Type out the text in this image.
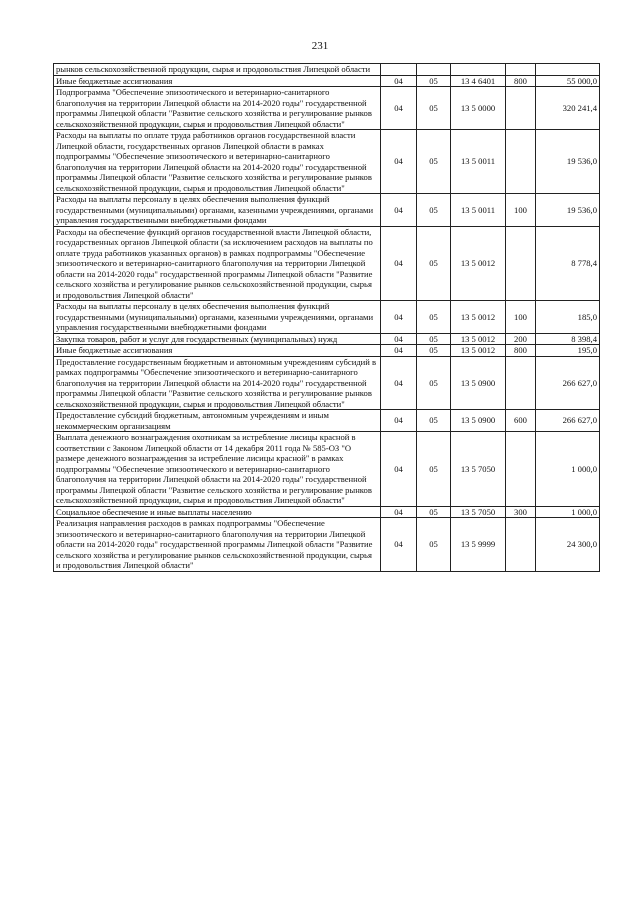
231
рынков сельскохозяйственной продукции, сырья и продовольствия Липецкой области					
Иные бюджетные ассигнования	04	05	13 4 6401	800	55 000,0
Подпрограмма "Обеспечение эпизоотического и ветеринарно-санитарного благополучия на территории Липецкой области на 2014-2020 годы" государственной программы Липецкой области "Развитие сельского хозяйства и регулирование рынков сельскохозяйственной продукции, сырья и продовольствия Липецкой области"	04	05	13 5 0000		320 241,4
Расходы на выплаты по оплате труда работников органов государственной власти Липецкой области, государственных органов Липецкой области в рамках подпрограммы "Обеспечение эпизоотического и ветеринарно-санитарного благополучия на территории Липецкой области на 2014-2020 годы" государственной программы Липецкой области "Развитие сельского хозяйства и регулирование рынков сельскохозяйственной продукции, сырья и продовольствия Липецкой области"	04	05	13 5 0011		19 536,0
Расходы на выплаты персоналу в целях обеспечения выполнения функций государственными (муниципальными) органами, казенными учреждениями, органами управления государственными внебюджетными фондами	04	05	13 5 0011	100	19 536,0
Расходы на обеспечение функций органов государственной власти Липецкой области, государственных органов Липецкой области (за исключением расходов на выплаты по оплате труда работников указанных органов) в рамках подпрограммы "Обеспечение эпизоотического и ветеринарно-санитарного благополучия на территории Липецкой области на 2014-2020 годы" государственной программы Липецкой области "Развитие сельского хозяйства и регулирование рынков сельскохозяйственной продукции, сырья и продовольствия Липецкой области"	04	05	13 5 0012		8 778,4
Расходы на выплаты персоналу в целях обеспечения выполнения функций государственными (муниципальными) органами, казенными учреждениями, органами управления государственными внебюджетными фондами	04	05	13 5 0012	100	185,0
Закупка товаров, работ и услуг для государственных (муниципальных) нужд	04	05	13 5 0012	200	8 398,4
Иные бюджетные ассигнования	04	05	13 5 0012	800	195,0
Предоставление государственным бюджетным и автономным учреждениям субсидий в рамках подпрограммы "Обеспечение эпизоотического и ветеринарно-санитарного благополучия на территории Липецкой области на 2014-2020 годы" государственной программы Липецкой области "Развитие сельского хозяйства и регулирование рынков сельскохозяйственной продукции, сырья и продовольствия Липецкой области"	04	05	13 5 0900		266 627,0
Предоставление субсидий бюджетным, автономным учреждениям и иным некоммерческим организациям	04	05	13 5 0900	600	266 627,0
Выплата денежного вознаграждения охотникам за истребление лисицы красной в соответствии с Законом Липецкой области от 14 декабря 2011 года № 585-ОЗ "О размере денежного вознаграждения за истребление лисицы красной" в рамках подпрограммы "Обеспечение эпизоотического и ветеринарно-санитарного благополучия на территории Липецкой области на 2014-2020 годы" государственной программы Липецкой области "Развитие сельского хозяйства и регулирование рынков сельскохозяйственной продукции, сырья и продовольствия Липецкой области"	04	05	13 5 7050		1 000,0
Социальное обеспечение и иные выплаты населению	04	05	13 5 7050	300	1 000,0
Реализация направления расходов в рамках подпрограммы "Обеспечение эпизоотического и ветеринарно-санитарного благополучия на территории Липецкой области на 2014-2020 годы" государственной программы Липецкой области "Развитие сельского хозяйства и регулирование рынков сельскохозяйственной продукции, сырья и продовольствия Липецкой области"	04	05	13 5 9999		24 300,0
